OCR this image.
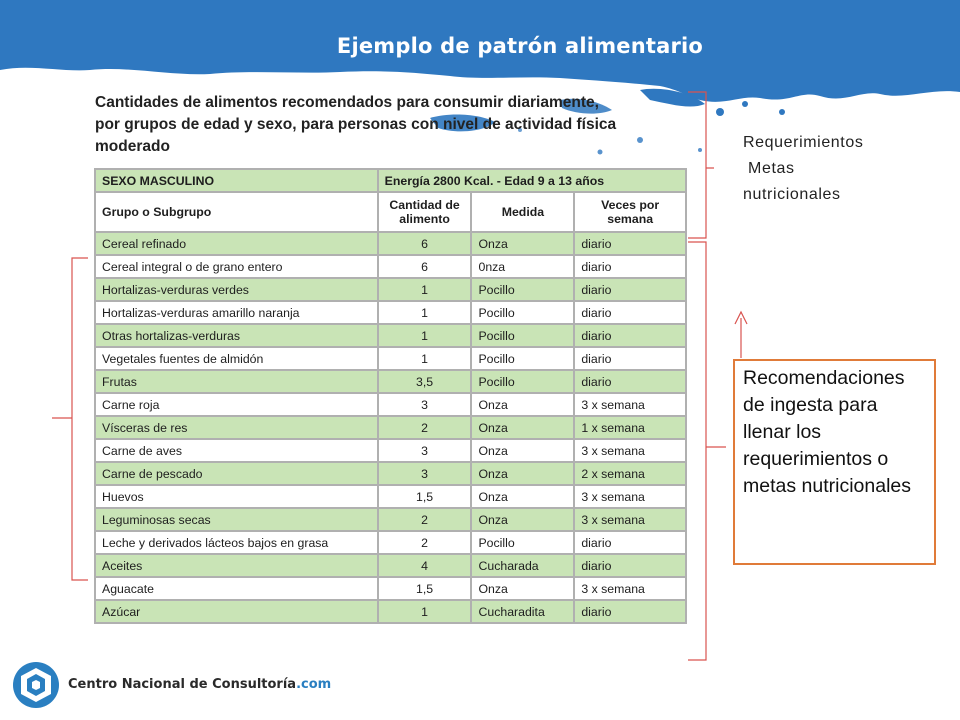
Ejemplo de patrón alimentario
Cantidades de alimentos recomendados para consumir diariamente,
por grupos de edad y sexo, para personas con nivel de actividad física
moderado
SEXO MASCULINO	Energía 2800 Kcal. - Edad 9 a 13 años		
Grupo o Subgrupo	Cantidad de alimento	Medida	Veces por semana
Cereal refinado	6	Onza	diario
Cereal integral o de grano entero	6	0nza	diario
Hortalizas-verduras verdes	1	Pocillo	diario
Hortalizas-verduras amarillo naranja	1	Pocillo	diario
Otras hortalizas-verduras	1	Pocillo	diario
Vegetales fuentes de almidón	1	Pocillo	diario
Frutas	3,5	Pocillo	diario
Carne roja	3	Onza	3 x semana
Vísceras de res	2	Onza	1 x semana
Carne de aves	3	Onza	3 x semana
Carne de pescado	3	Onza	2 x semana
Huevos	1,5	Onza	3 x semana
Leguminosas secas	2	Onza	3 x semana
Leche y derivados lácteos bajos en grasa	2	Pocillo	diario
Aceites	4	Cucharada	diario
Aguacate	1,5	Onza	3 x semana
Azúcar	1	Cucharadita	diario
Requerimientos
Metas
nutricionales
Recomendaciones de ingesta para llenar los requerimientos o metas nutricionales
Centro Nacional de Consultoría.com
